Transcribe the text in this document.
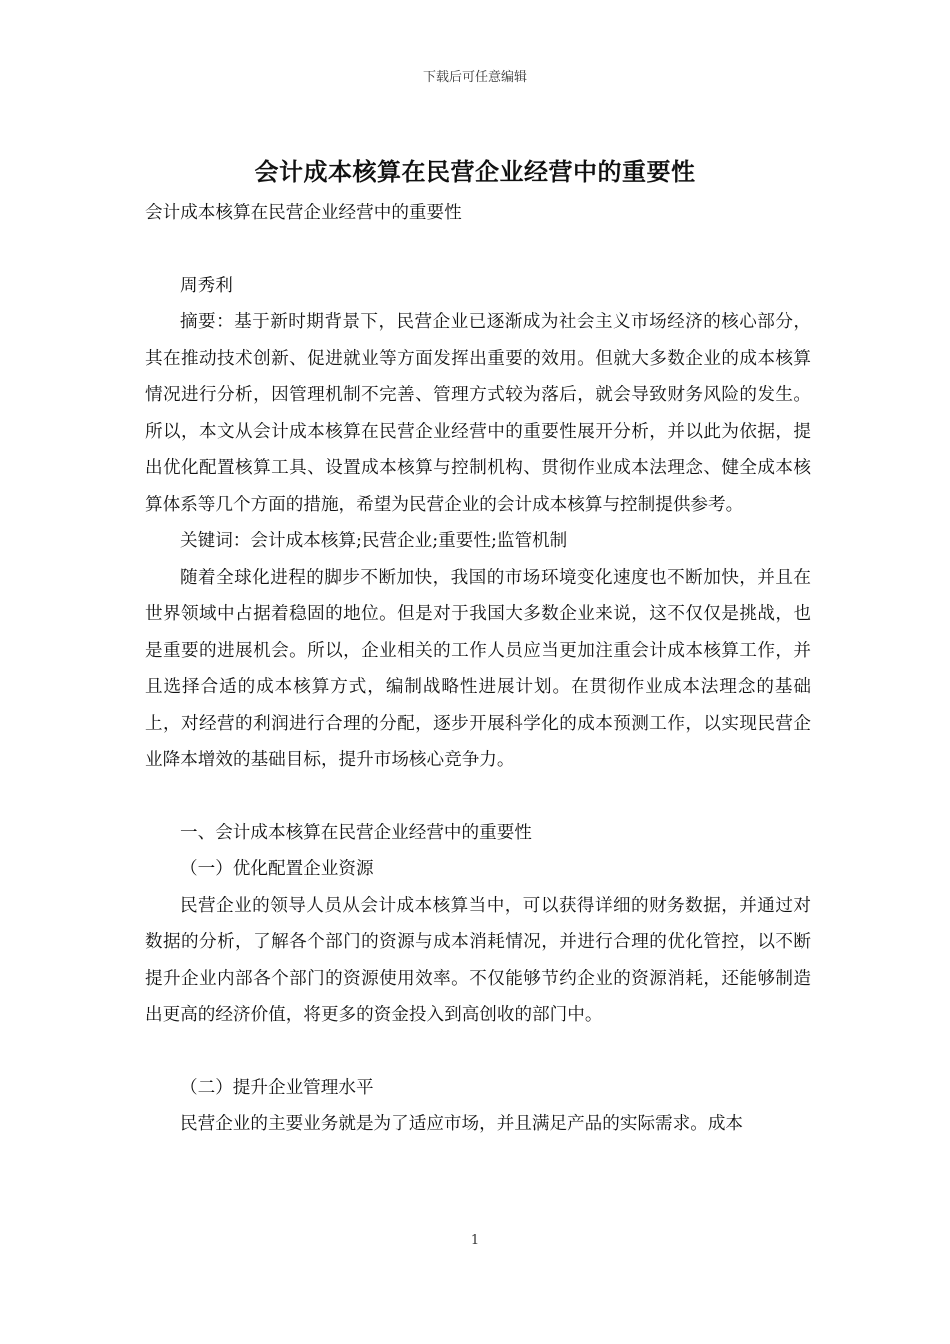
下载后可任意编辑
会计成本核算在民营企业经营中的重要性

会计成本核算在民营企业经营中的重要性

周秀利

摘要：基于新时期背景下，民营企业已逐渐成为社会主义市场经济的核心部分，其在推动技术创新、促进就业等方面发挥出重要的效用。但就大多数企业的成本核算情况进行分析，因管理机制不完善、管理方式较为落后，就会导致财务风险的发生。所以，本文从会计成本核算在民营企业经营中的重要性展开分析，并以此为依据，提出优化配置核算工具、设置成本核算与控制机构、贯彻作业成本法理念、健全成本核算体系等几个方面的措施，希望为民营企业的会计成本核算与控制提供参考。

关键词：会计成本核算;民营企业;重要性;监管机制

随着全球化进程的脚步不断加快，我国的市场环境变化速度也不断加快，并且在世界领域中占据着稳固的地位。但是对于我国大多数企业来说，这不仅仅是挑战，也是重要的进展机会。所以，企业相关的工作人员应当更加注重会计成本核算工作，并且选择合适的成本核算方式，编制战略性进展计划。在贯彻作业成本法理念的基础上，对经营的利润进行合理的分配，逐步开展科学化的成本预测工作，以实现民营企业降本增效的基础目标，提升市场核心竞争力。

一、会计成本核算在民营企业经营中的重要性

（一）优化配置企业资源

民营企业的领导人员从会计成本核算当中，可以获得详细的财务数据，并通过对数据的分析，了解各个部门的资源与成本消耗情况，并进行合理的优化管控，以不断提升企业内部各个部门的资源使用效率。不仅能够节约企业的资源消耗，还能够制造出更高的经济价值，将更多的资金投入到高创收的部门中。

（二）提升企业管理水平

民营企业的主要业务就是为了适应市场，并且满足产品的实际需求。成本

1
